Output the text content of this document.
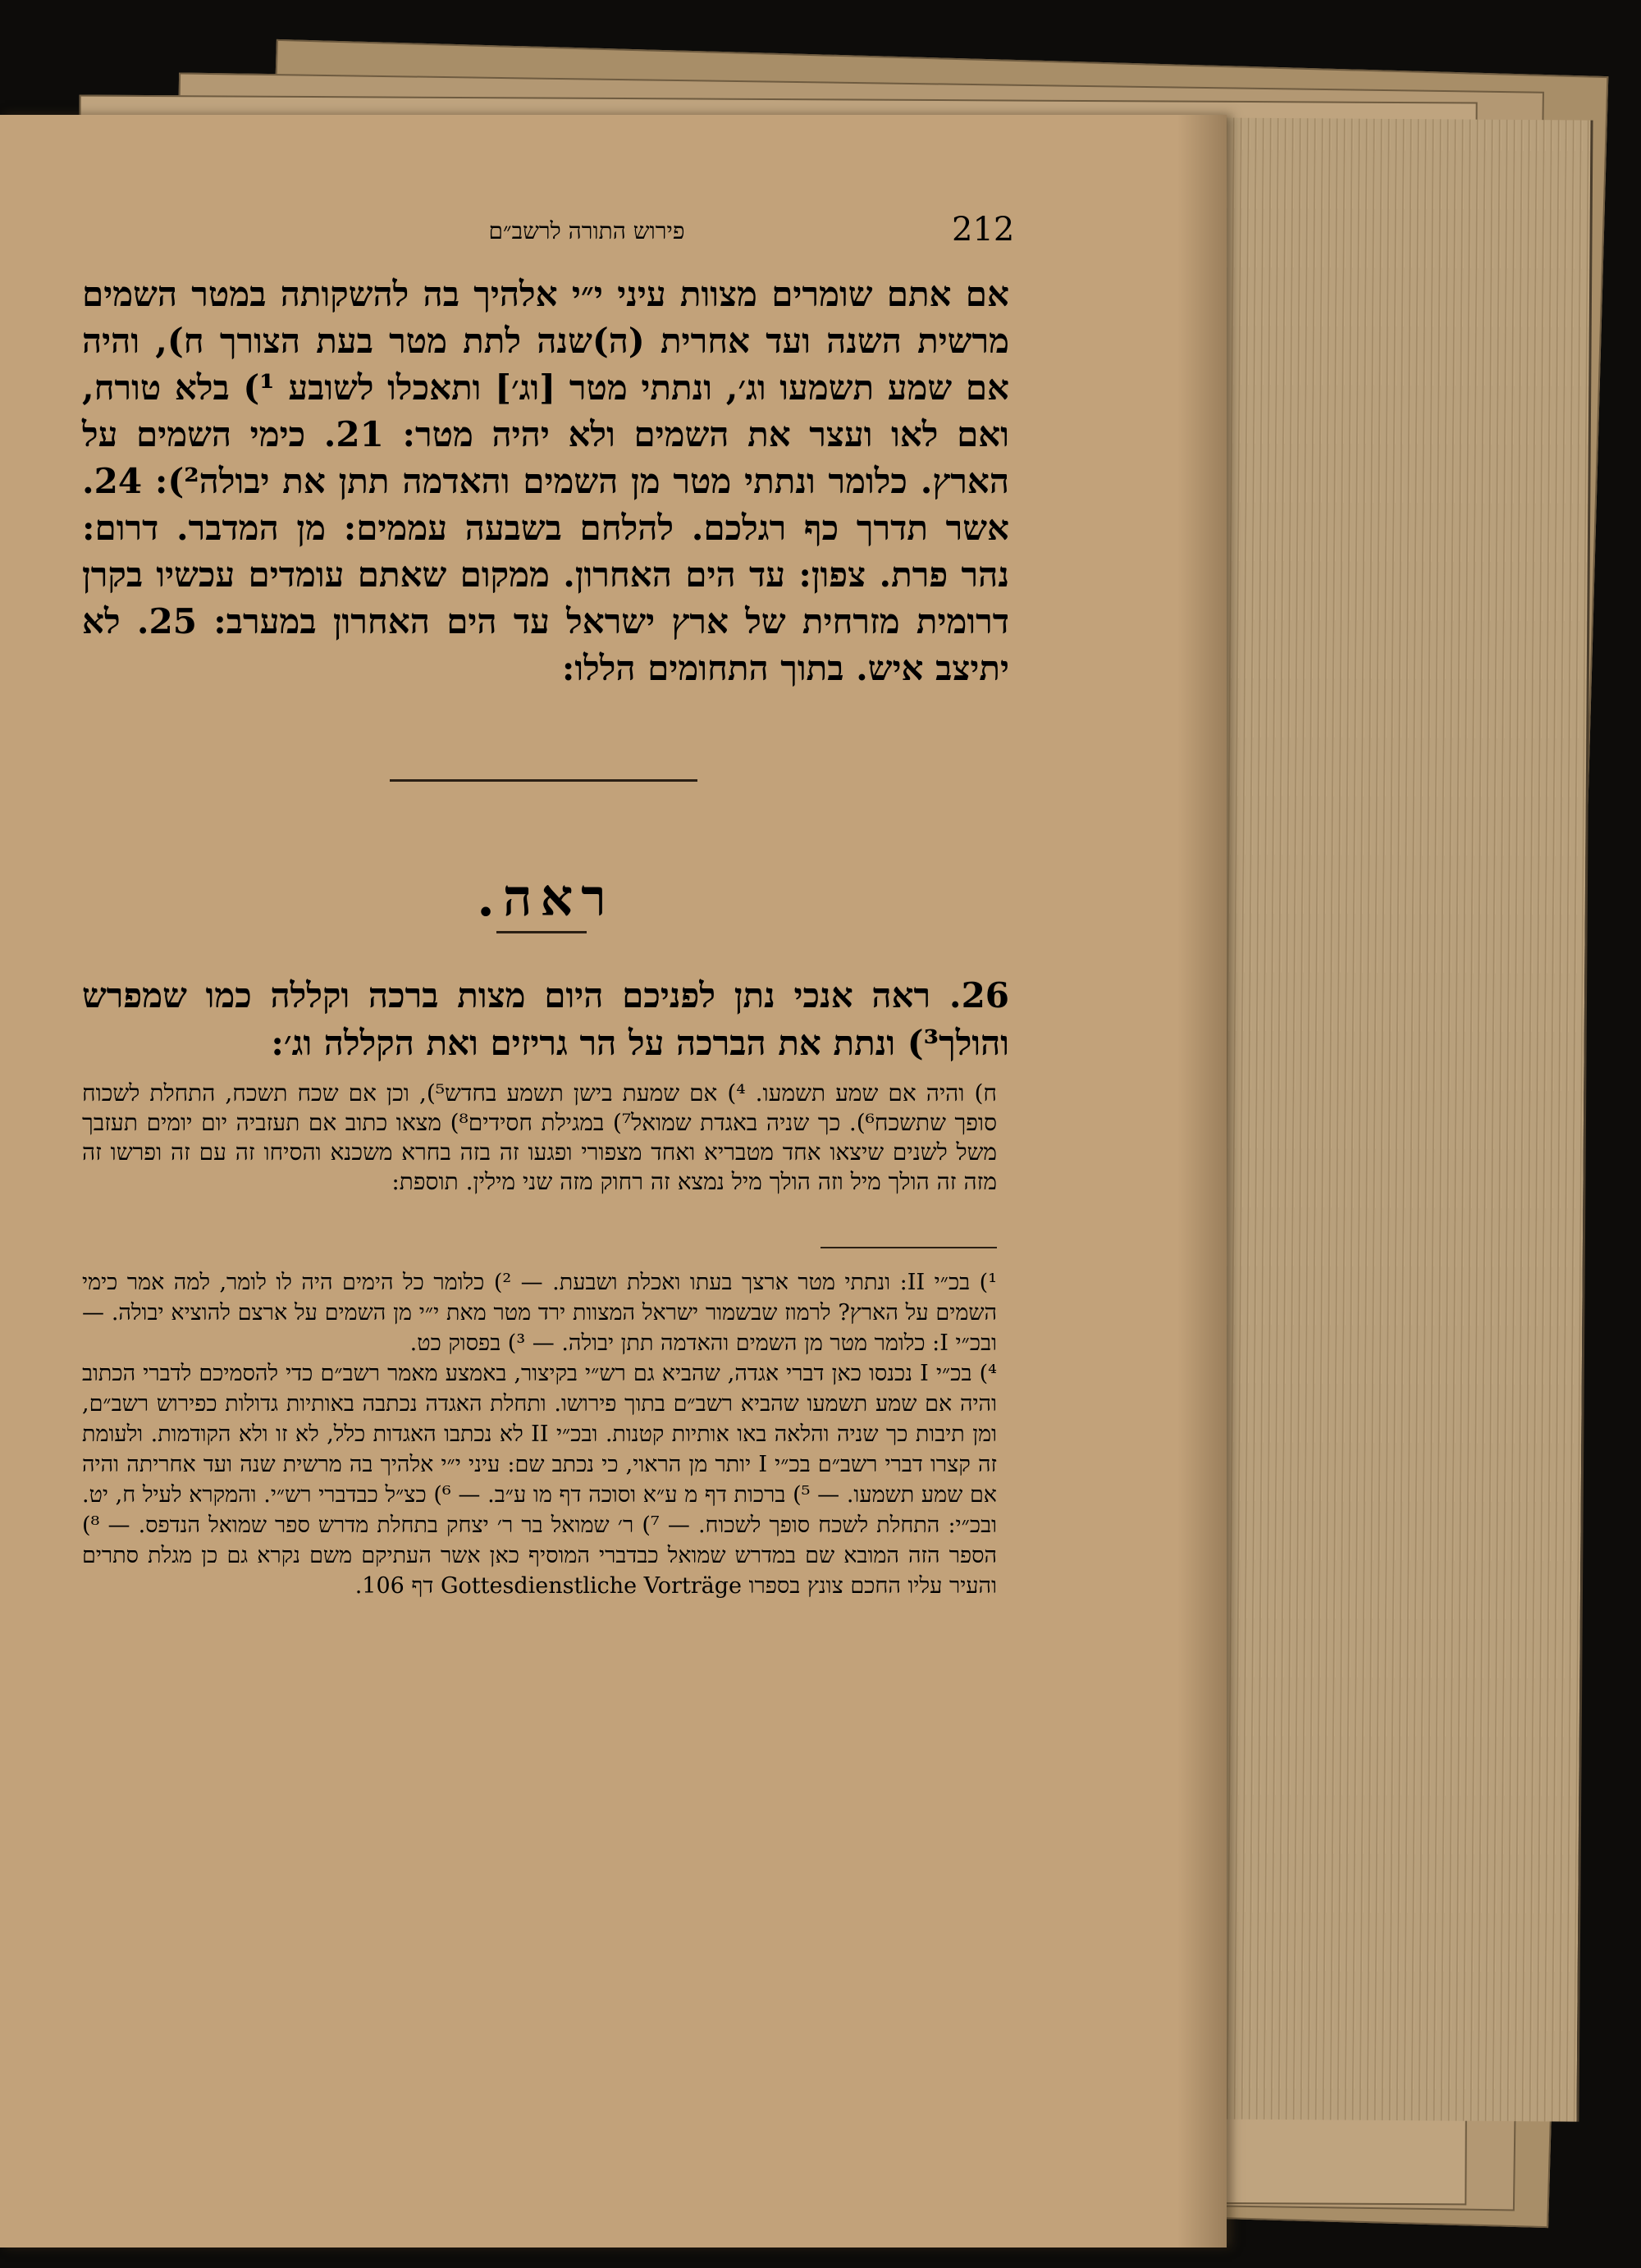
פירוש התורה לרשב״ם	212

אם אתם שומרים מצוות עיני י״י אלהיך בה להשקותה במטר השמים מרשית השנה ועד אחרית (ה)שנה לתת מטר בעת הצורך ח), והיה אם שמע תשמעו וג׳, ונתתי מטר [וג׳] ותאכלו לשובע ¹) בלא טורח, ואם לאו ועצר את השמים ולא יהיה מטר: 21. כימי השמים על הארץ. כלומר ונתתי מטר מן השמים והאדמה תתן את יבולה²): 24. אשר תדרך כף רגלכם. להלחם בשבעה עממים: מן המדבר. דרום: נהר פרת. צפון: עד הים האחרון. ממקום שאתם עומדים עכשיו בקרן דרומית מזרחית של ארץ ישראל עד הים האחרון במערב: 25. לא יתיצב איש. בתוך התחומים הללו:

ראה.
26. ראה אנכי נתן לפניכם היום מצות ברכה וקללה כמו שמפרש והולך³) ונתת את הברכה על הר גריזים ואת הקללה וג׳:
ח) והיה אם שמע תשמעו. ⁴) אם שמעת בישן תשמע בחדש⁵), וכן אם שכח תשכח, התחלת לשכוח סופך שתשכח⁶). כך שניה באגדת שמואל⁷) במגילת חסידים⁸) מצאו כתוב אם תעזביה יום יומים תעזבך משל לשנים שיצאו אחד מטבריא ואחד מצפורי ופגעו זה בזה בחרא משכנא והסיחו זה עם זה ופרשו זה מזה זה הולך מיל וזה הולך מיל נמצא זה רחוק מזה שני מילין. תוספת:

¹) בכ״י II: ונתתי מטר ארצך בעתו ואכלת ושבעת. — ²) כלומר כל הימים היה לו לומר, למה אמר כימי השמים על הארץ? לרמוז שבשמור ישראל המצוות ירד מטר מאת י״י מן השמים על ארצם להוציא יבולה. — ובכ״י I: כלומר מטר מן השמים והאדמה תתן יבולה. — ³) בפסוק כט.

⁴) בכ״י I נכנסו כאן דברי אגדה, שהביא גם רש״י בקיצור, באמצע מאמר רשב״ם כדי להסמיכם לדברי הכתוב והיה אם שמע תשמעו שהביא רשב״ם בתוך פירושו. ותחלת האגדה נכתבה באותיות גדולות כפירוש רשב״ם, ומן תיבות כך שניה והלאה באו אותיות קטנות. ובכ״י II לא נכתבו האגדות כלל, לא זו ולא הקודמות. ולעומת זה קצרו דברי רשב״ם בכ״י I יותר מן הראוי, כי נכתב שם: עיני י״י אלהיך בה מרשית שנה ועד אחריתה והיה אם שמע תשמעו. — ⁵) ברכות דף מ ע״א וסוכה דף מו ע״ב. — ⁶) כצ״ל כבדברי רש״י. והמקרא לעיל ח, יט. ובכ״י: התחלת לשכח סופך לשכוח. — ⁷) ר׳ שמואל בר ר׳ יצחק בתחלת מדרש ספר שמואל הנדפס. — ⁸) הספר הזה המובא שם במדרש שמואל כבדברי המוסיף כאן אשר העתיקם משם נקרא גם כן מגלת סתרים והעיר עליו החכם צונץ בספרו Gottesdienstliche Vorträge דף 106.
